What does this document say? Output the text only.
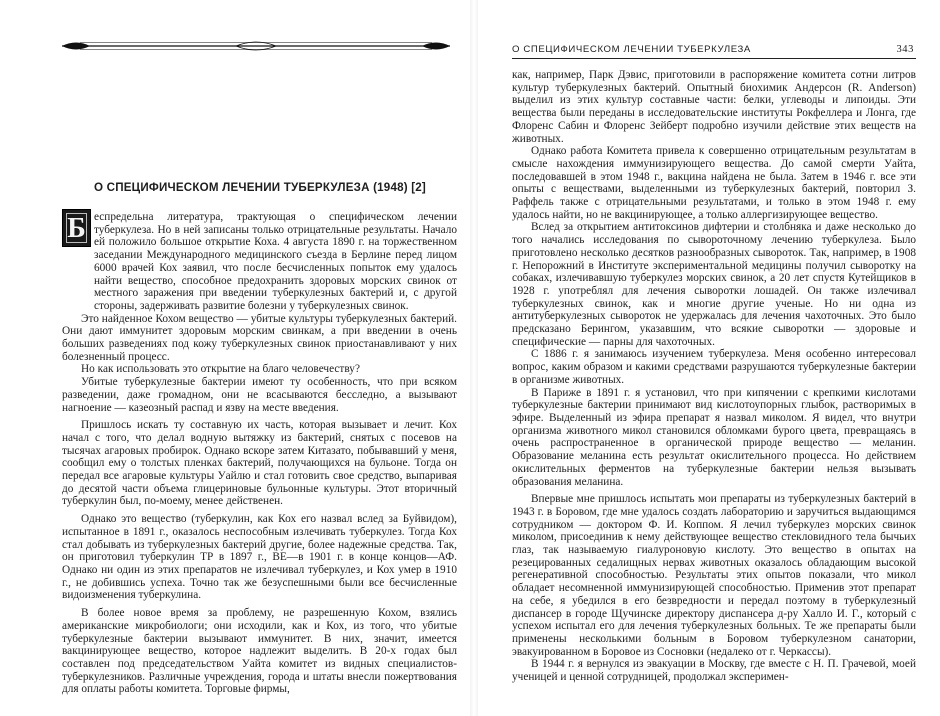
О СПЕЦИФИЧЕСКОМ ЛЕЧЕНИИ ТУБЕРКУЛЕЗА (1948) [2]
Б еспредельна литература, трактующая о специфическом лечении туберкулеза. Но в ней записаны только отрицательные результаты. Начало ей положило большое открытие Коха. 4 августа 1890 г. на торжественном заседании Международного медицинского съезда в Берлине перед лицом 6000 врачей Кох заявил, что после бесчисленных попыток ему удалось найти вещество, способное предохранить здоровых морских свинок от местного заражения при введении туберкулезных бактерий и, с другой стороны, задерживать развитие болезни у туберкулезных свинок.

Это найденное Кохом вещество — убитые культуры туберкулезных бактерий. Они дают иммунитет здоровым морским свинкам, а при введении в очень больших разведениях под кожу туберкулезных свинок приостанавливают у них болезненный процесс.

Но как использовать это открытие на благо человечеству?

Убитые туберкулезные бактерии имеют ту особенность, что при всяком разведении, даже громадном, они не всасываются бесследно, а вызывают нагноение — казеозный распад и язву на месте введения.

Пришлось искать ту составную их часть, которая вызывает и лечит. Кох начал с того, что делал водную вытяжку из бактерий, снятых с посевов на тысячах агаровых пробирок. Однако вскоре затем Китазато, побывавший у меня, сообщил ему о толстых пленках бактерий, получающихся на бульоне. Тогда он передал все агаровые культуры Уайлю и стал готовить свое средство, выпаривая до десятой части объема глицериновые бульонные культуры. Этот вторичный туберкулин был, по-моему, менее действенен.

Однако это вещество (туберкулин, как Кох его назвал вслед за Буйвидом), испытанное в 1891 г., оказалось неспособным излечивать туберкулез. Тогда Кох стал добывать из туберкулезных бактерий другие, более надежные средства. Так, он приготовил туберкулин ТР в 1897 г., ВЕ—в 1901 г. в конце концов—АФ. Однако ни один из этих препаратов не излечивал туберкулез, и Кох умер в 1910 г., не добившись успеха. Точно так же безуспешными были все бесчисленные видоизменения туберкулина.

В более новое время за проблему, не разрешенную Кохом, взялись американские микробиологи; они исходили, как и Кох, из того, что убитые туберкулезные бактерии вызывают иммунитет. В них, значит, имеется вакцинирующее вещество, которое надлежит выделить. В 20-х годах был составлен под председательством Уайта комитет из видных специалистов-туберкулезников. Различные учреждения, города и штаты внесли пожертвования для оплаты работы комитета. Торговые фирмы,

О СПЕЦИФИЧЕСКОМ ЛЕЧЕНИИ ТУБЕРКУЛЕЗА	343

как, например, Парк Дэвис, приготовили в распоряжение комитета сотни литров культур туберкулезных бактерий. Опытный биохимик Андерсон (R. Anderson) выделил из этих культур составные части: белки, углеводы и липоиды. Эти вещества были переданы в исследовательские институты Рокфеллера и Лонга, где Флоренс Сабин и Флоренс Зейберт подробно изучили действие этих веществ на животных.

Однако работа Комитета привела к совершенно отрицательным результатам в смысле нахождения иммунизирующего вещества. До самой смерти Уайта, последовавшей в этом 1948 г., вакцина найдена не была. Затем в 1946 г. все эти опыты с веществами, выделенными из туберкулезных бактерий, повторил З. Раффель также с отрицательными результатами, и только в этом 1948 г. ему удалось найти, но не вакцинирующее, а только аллергизирующее вещество.

Вслед за открытием антитоксинов дифтерии и столбняка и даже несколько до того начались исследования по сывороточному лечению туберкулеза. Было приготовлено несколько десятков разнообразных сывороток. Так, например, в 1908 г. Непорожний в Институте экспериментальной медицины получил сыворотку на собаках, излечивавшую туберкулез морских свинок, а 20 лет спустя Кутейщиков в 1928 г. употреблял для лечения сыворотки лошадей. Он также излечивал туберкулезных свинок, как и многие другие ученые. Но ни одна из антитуберкулезных сывороток не удержалась для лечения чахоточных. Это было предсказано Берингом, указавшим, что всякие сыворотки — здоровые и специфические — парны для чахоточных.

С 1886 г. я занимаюсь изучением туберкулеза. Меня особенно интересовал вопрос, каким образом и какими средствами разрушаются туберкулезные бактерии в организме животных.

В Париже в 1891 г. я установил, что при кипячении с крепкими кислотами туберкулезные бактерии принимают вид кислотоупорных глыбок, растворимых в эфире. Выделенный из эфира препарат я назвал миколом. Я видел, что внутри организма животного микол становился обломками бурого цвета, превращаясь в очень распространенное в органической природе вещество — меланин. Образование меланина есть результат окислительного процесса. Но действием окислительных ферментов на туберкулезные бактерии нельзя вызывать образования меланина.

Впервые мне пришлось испытать мои препараты из туберкулезных бактерий в 1943 г. в Боровом, где мне удалось создать лабораторию и заручиться выдающимся сотрудником — доктором Ф. И. Коппом. Я лечил туберкулез морских свинок миколом, присоединив к нему действующее вещество стекловидного тела бычьих глаз, так называемую гиалуроновую кислоту. Это вещество в опытах на резецированных седалищных нервах животных оказалось обладающим высокой регенеративной способностью. Результаты этих опытов показали, что микол обладает несомненной иммунизирующей способностью. Применив этот препарат на себе, я убедился в его безвредности и передал поэтому в туберкулезный диспансер в городе Щучинске директору диспансера д-ру Халло И. Г., который с успехом испытал его для лечения туберкулезных больных. Те же препараты были применены несколькими больным в Боровом туберкулезном санатории, эвакуированном в Боровое из Сосновки (недалеко от г. Черкассы).

В 1944 г. я вернулся из эвакуации в Москву, где вместе с Н. П. Грачевой, моей ученицей и ценной сотрудницей, продолжал эксперимен-
